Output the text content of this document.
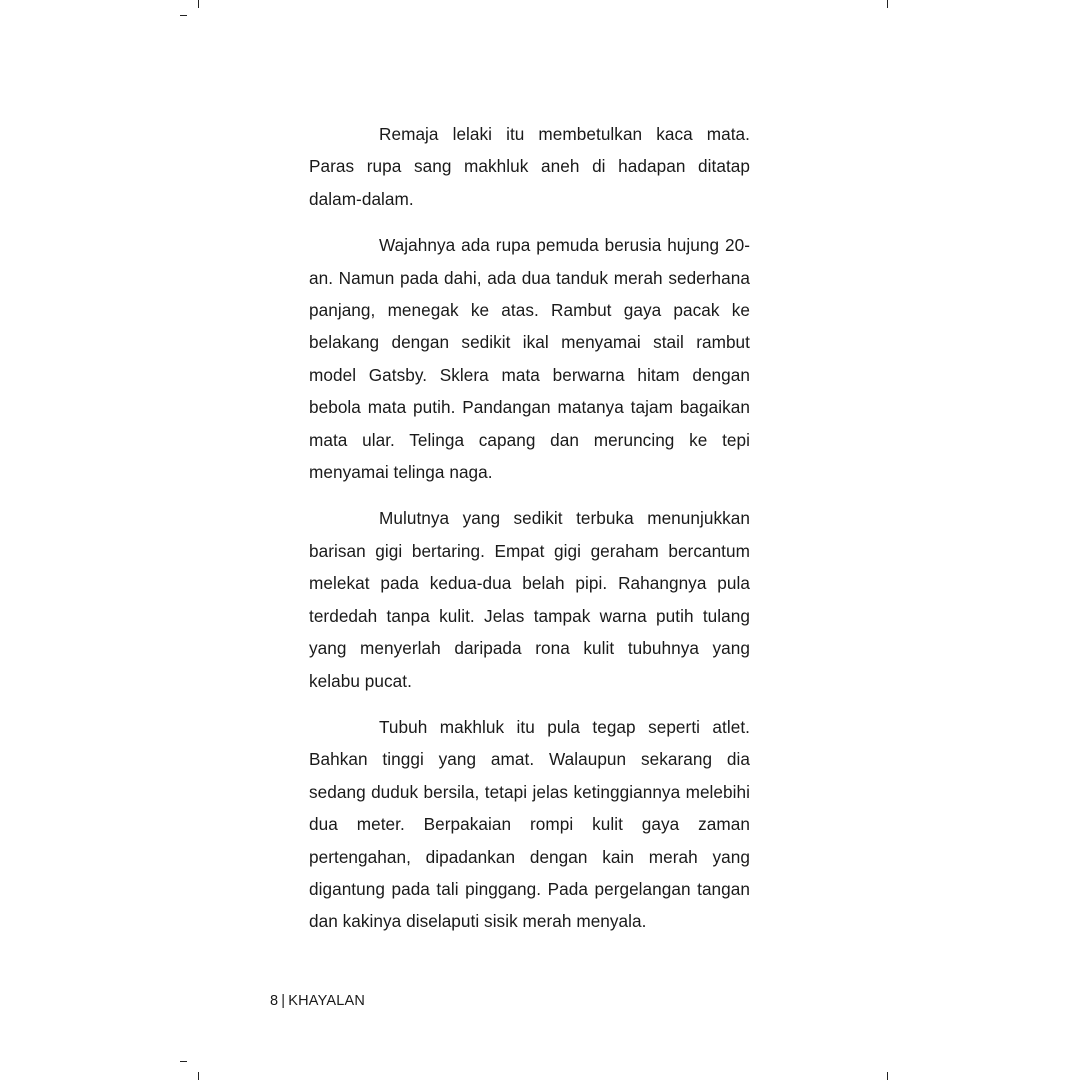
Remaja lelaki itu membetulkan kaca mata. Paras rupa sang makhluk aneh di hadapan ditatap dalam-dalam.

Wajahnya ada rupa pemuda berusia hujung 20-an. Namun pada dahi, ada dua tanduk merah sederhana panjang, menegak ke atas. Rambut gaya pacak ke belakang dengan sedikit ikal menyamai stail rambut model Gatsby. Sklera mata berwarna hitam dengan bebola mata putih. Pandangan matanya tajam bagaikan mata ular. Telinga capang dan meruncing ke tepi menyamai telinga naga.

Mulutnya yang sedikit terbuka menunjukkan barisan gigi bertaring. Empat gigi geraham bercantum melekat pada kedua-dua belah pipi. Rahangnya pula terdedah tanpa kulit. Jelas tampak warna putih tulang yang menyerlah daripada rona kulit tubuhnya yang kelabu pucat.

Tubuh makhluk itu pula tegap seperti atlet. Bahkan tinggi yang amat. Walaupun sekarang dia sedang duduk bersila, tetapi jelas ketinggiannya melebihi dua meter. Berpakaian rompi kulit gaya zaman pertengahan, dipadankan dengan kain merah yang digantung pada tali pinggang. Pada pergelangan tangan dan kakinya diselaputi sisik merah menyala.

8 | KHAYALAN
